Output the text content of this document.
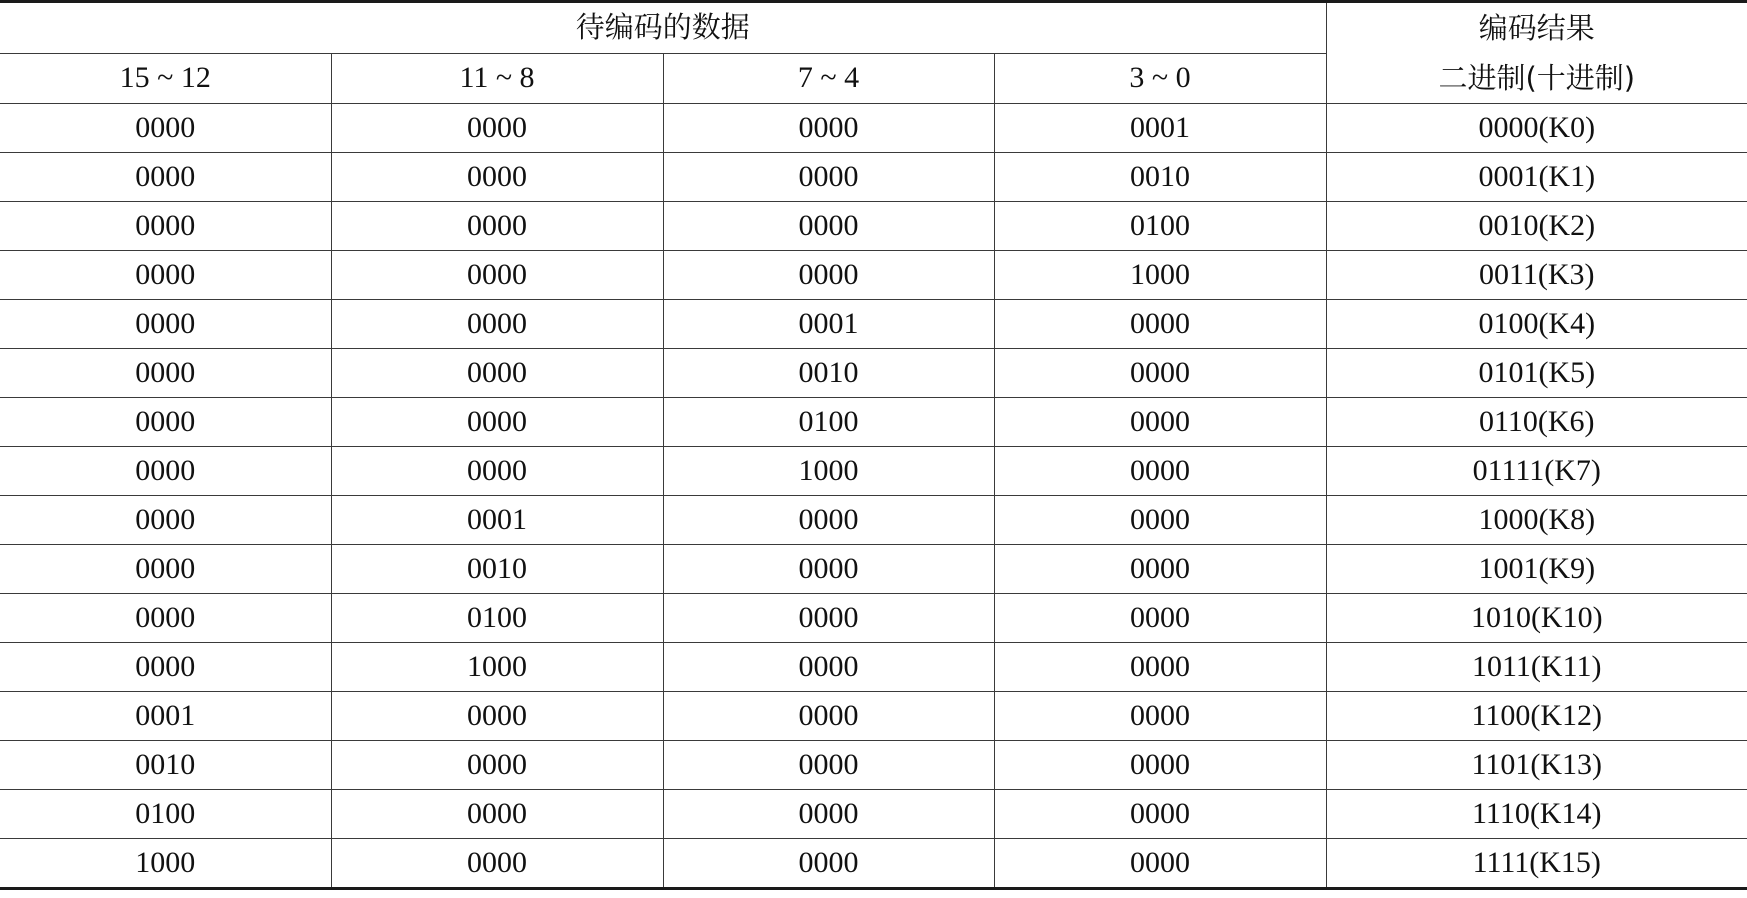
待编码的数据				编码结果
二进制(十进制)

15 ~ 12	11 ~ 8	7 ~ 4	3 ~ 0	
0000	0000	0000	0001	0000(K0)
0000	0000	0000	0010	0001(K1)
0000	0000	0000	0100	0010(K2)
0000	0000	0000	1000	0011(K3)
0000	0000	0001	0000	0100(K4)
0000	0000	0010	0000	0101(K5)
0000	0000	0100	0000	0110(K6)
0000	0000	1000	0000	01111(K7)
0000	0001	0000	0000	1000(K8)
0000	0010	0000	0000	1001(K9)
0000	0100	0000	0000	1010(K10)
0000	1000	0000	0000	1011(K11)
0001	0000	0000	0000	1100(K12)
0010	0000	0000	0000	1101(K13)
0100	0000	0000	0000	1110(K14)
1000	0000	0000	0000	1111(K15)
